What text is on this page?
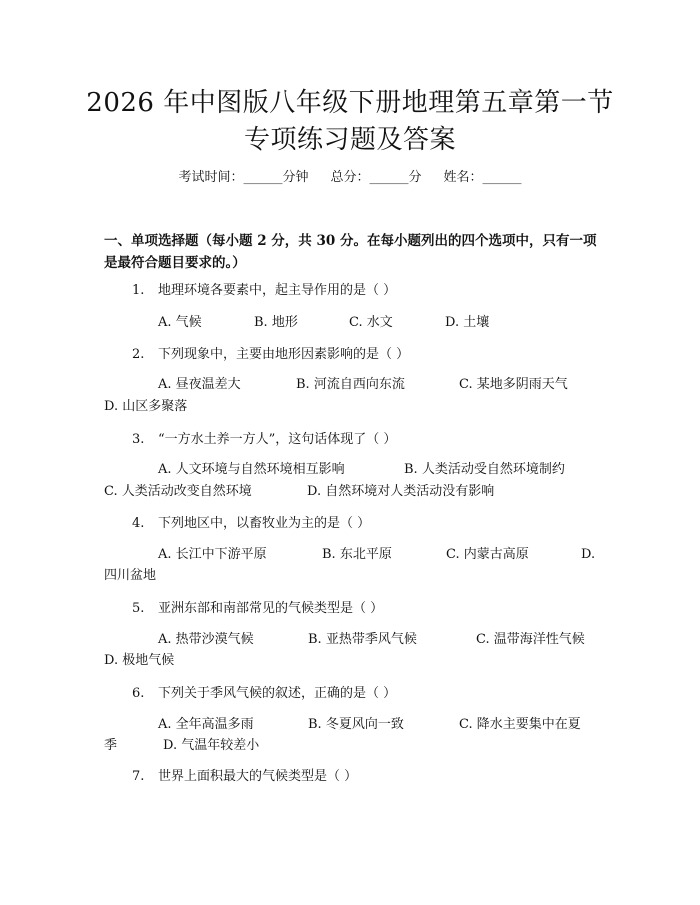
2026 年中图版八年级下册地理第五章第一节
专项练习题及答案
考试时间：______分钟 总分：______分 姓名：______
一、单项选择题（每小题 2 分，共 30 分。在每小题列出的四个选项中，只有一项
是最符合题目要求的。）
1. 地理环境各要素中，起主导作用的是（ ）
A. 气候	B. 地形	C. 水文	D. 土壤
2. 下列现象中，主要由地形因素影响的是（ ）
A. 昼夜温差大	B. 河流自西向东流	C. 某地多阴雨天气
D. 山区多聚落
3. “一方水土养一方人”，这句话体现了（ ）
A. 人文环境与自然环境相互影响	B. 人类活动受自然环境制约
C. 人类活动改变自然环境	D. 自然环境对人类活动没有影响
4. 下列地区中，以畜牧业为主的是（ ）
A. 长江中下游平原	B. 东北平原	C. 内蒙古高原	D.
四川盆地
5. 亚洲东部和南部常见的气候类型是（ ）
A. 热带沙漠气候	B. 亚热带季风气候	C. 温带海洋性气候
D. 极地气候
6. 下列关于季风气候的叙述，正确的是（ ）
A. 全年高温多雨	B. 冬夏风向一致	C. 降水主要集中在夏
季	D. 气温年较差小
7. 世界上面积最大的气候类型是（ ）
